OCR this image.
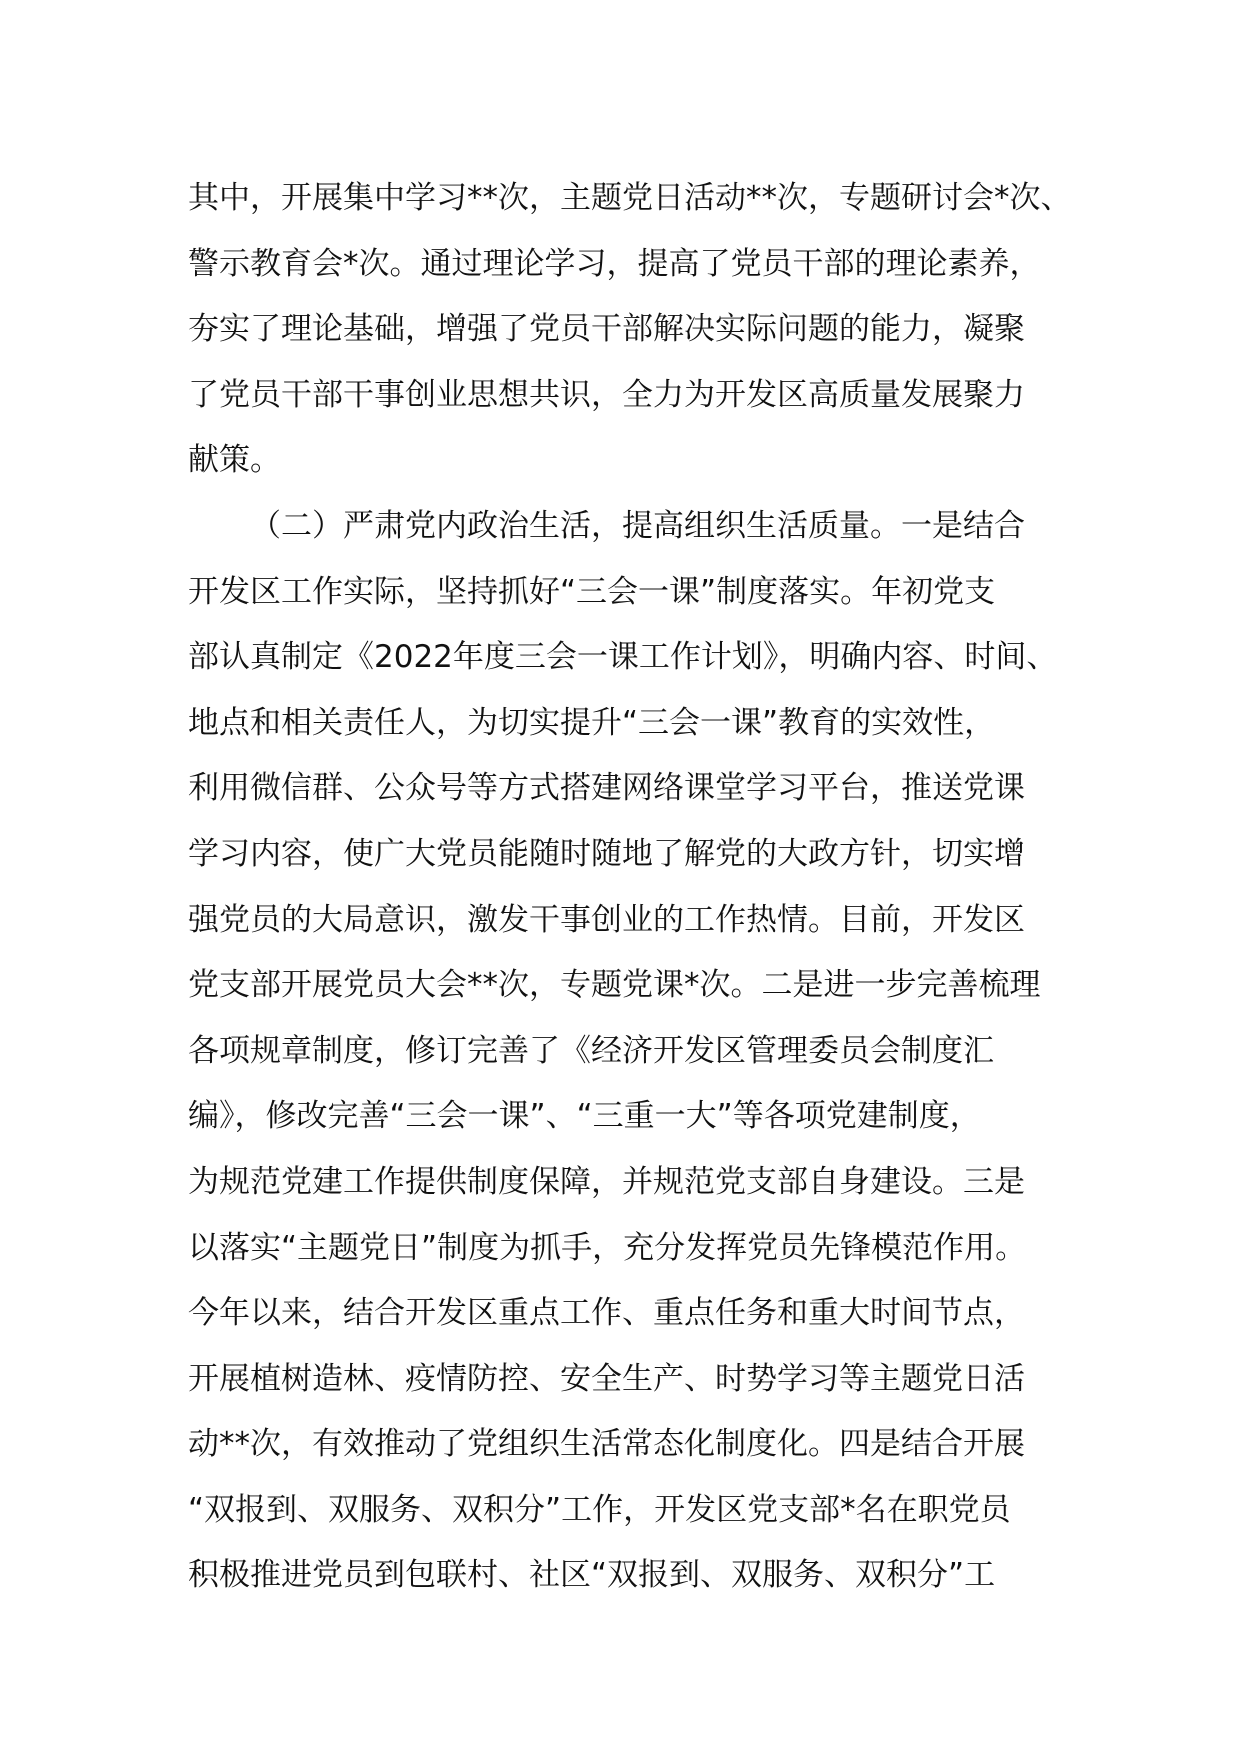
其中，开展集中学习**次，主题党日活动**次，专题研讨会*次、
警示教育会*次。通过理论学习，提高了党员干部的理论素养，
夯实了理论基础，增强了党员干部解决实际问题的能力，凝聚
了党员干部干事创业思想共识，全力为开发区高质量发展聚力
献策。
（二）严肃党内政治生活，提高组织生活质量。一是结合
开发区工作实际，坚持抓好“三会一课”制度落实。年初党支
部认真制定《2022年度三会一课工作计划》，明确内容、时间、
地点和相关责任人，为切实提升“三会一课”教育的实效性，
利用微信群、公众号等方式搭建网络课堂学习平台，推送党课
学习内容，使广大党员能随时随地了解党的大政方针，切实增
强党员的大局意识，激发干事创业的工作热情。目前，开发区
党支部开展党员大会**次，专题党课*次。二是进一步完善梳理
各项规章制度，修订完善了《经济开发区管理委员会制度汇
编》，修改完善“三会一课”、“三重一大”等各项党建制度，
为规范党建工作提供制度保障，并规范党支部自身建设。三是
以落实“主题党日”制度为抓手，充分发挥党员先锋模范作用。
今年以来，结合开发区重点工作、重点任务和重大时间节点，
开展植树造林、疫情防控、安全生产、时势学习等主题党日活
动**次，有效推动了党组织生活常态化制度化。四是结合开展
“双报到、双服务、双积分”工作，开发区党支部*名在职党员
积极推进党员到包联村、社区“双报到、双服务、双积分”工
